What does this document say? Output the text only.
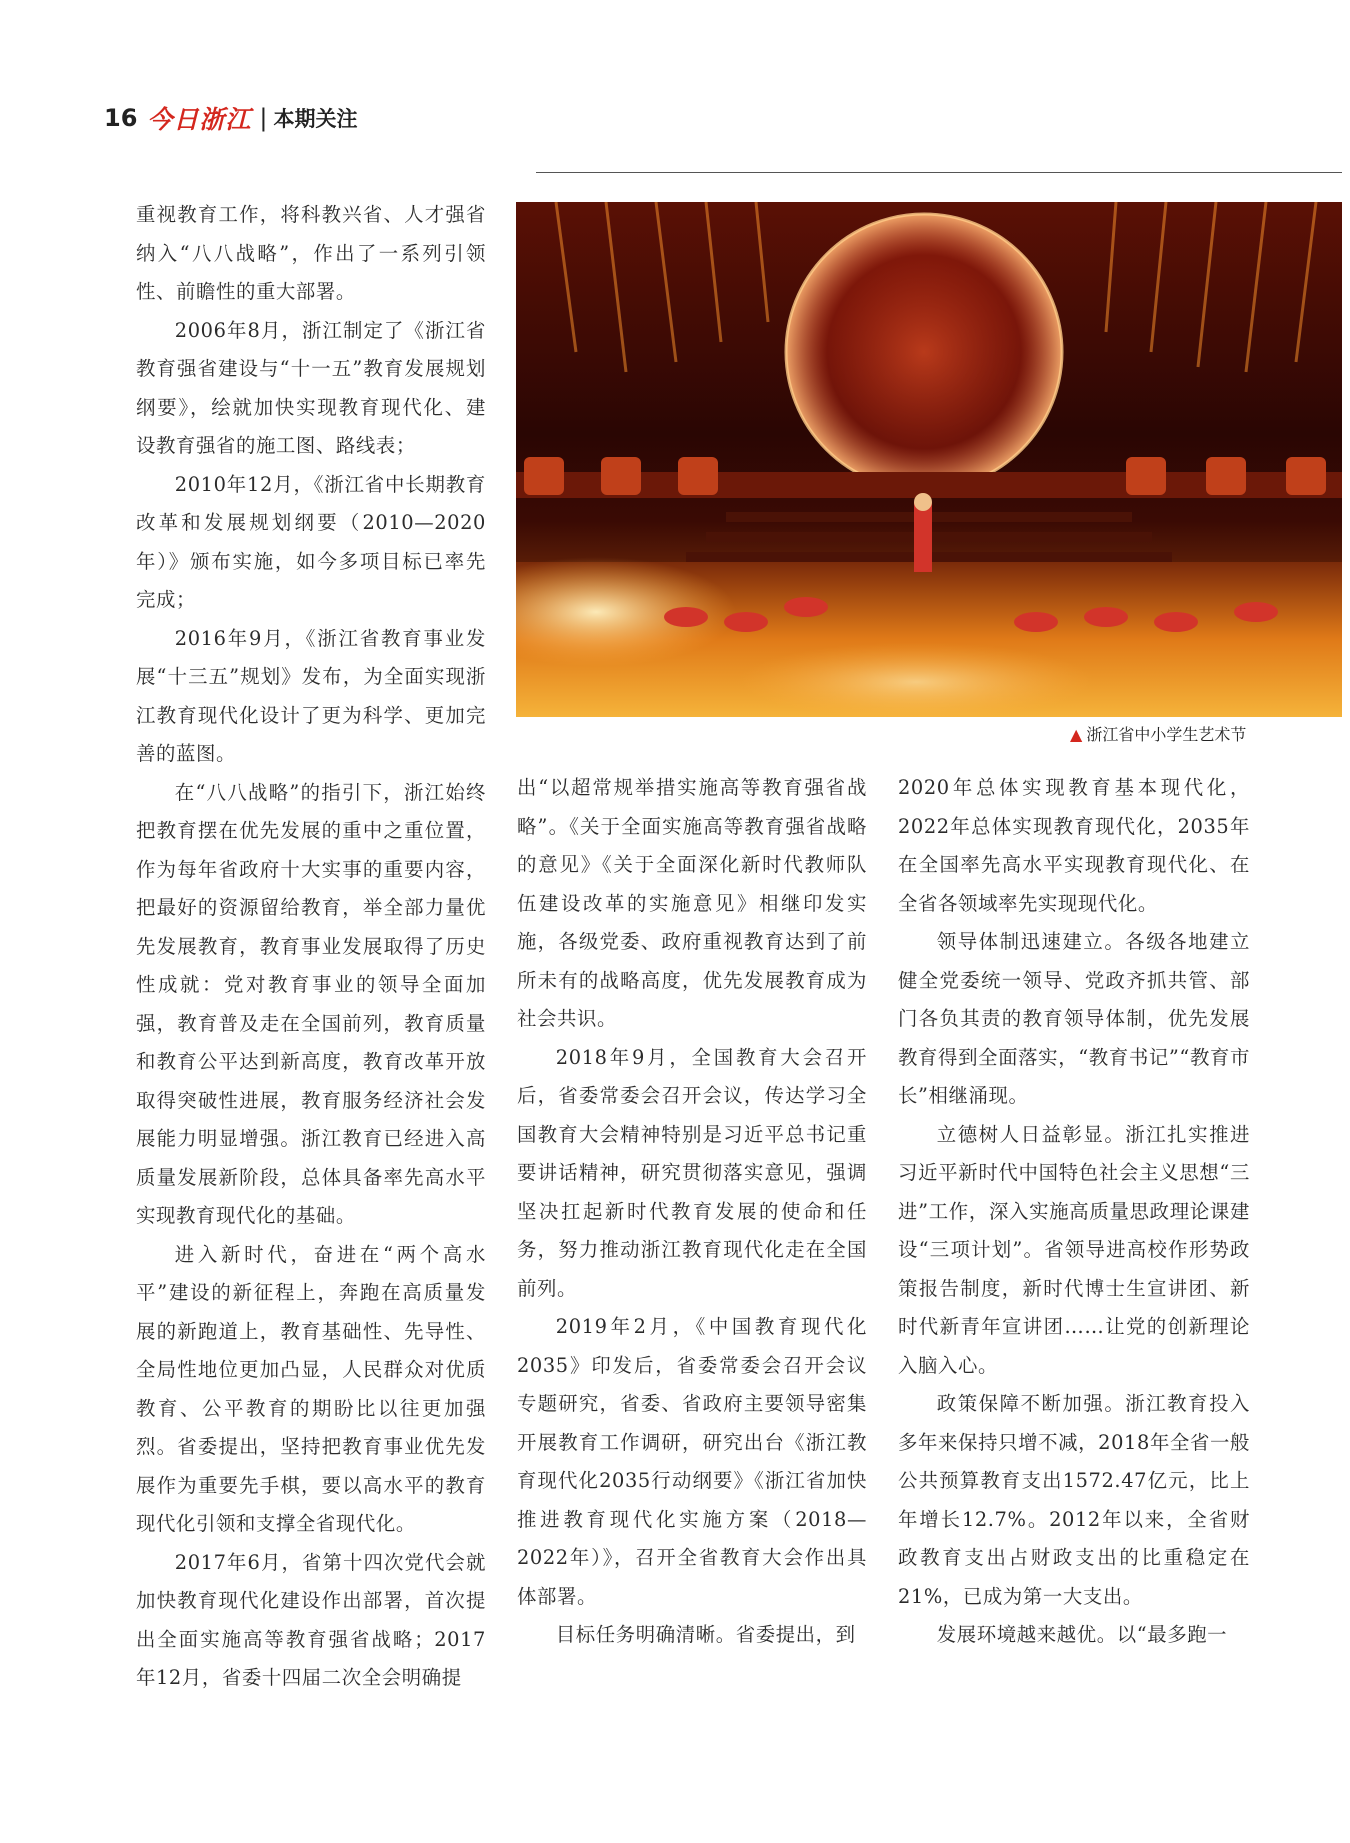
16 今日浙江 | 本期关注
▲ 浙江省中小学生艺术节

重视教育工作，将科教兴省、人才强省纳入“八八战略”，作出了一系列引领性、前瞻性的重大部署。

2006年8月，浙江制定了《浙江省教育强省建设与“十一五”教育发展规划纲要》，绘就加快实现教育现代化、建设教育强省的施工图、路线表；

2010年12月，《浙江省中长期教育改革和发展规划纲要（2010—2020年）》颁布实施，如今多项目标已率先完成；

2016年9月，《浙江省教育事业发展“十三五”规划》发布，为全面实现浙江教育现代化设计了更为科学、更加完善的蓝图。

在“八八战略”的指引下，浙江始终把教育摆在优先发展的重中之重位置，作为每年省政府十大实事的重要内容，把最好的资源留给教育，举全部力量优先发展教育，教育事业发展取得了历史性成就：党对教育事业的领导全面加强，教育普及走在全国前列，教育质量和教育公平达到新高度，教育改革开放取得突破性进展，教育服务经济社会发展能力明显增强。浙江教育已经进入高质量发展新阶段，总体具备率先高水平实现教育现代化的基础。

进入新时代，奋进在“两个高水平”建设的新征程上，奔跑在高质量发展的新跑道上，教育基础性、先导性、全局性地位更加凸显，人民群众对优质教育、公平教育的期盼比以往更加强烈。省委提出，坚持把教育事业优先发展作为重要先手棋，要以高水平的教育现代化引领和支撑全省现代化。

2017年6月，省第十四次党代会就加快教育现代化建设作出部署，首次提出全面实施高等教育强省战略；2017年12月，省委十四届二次全会明确提

出“以超常规举措实施高等教育强省战略”。《关于全面实施高等教育强省战略的意见》《关于全面深化新时代教师队伍建设改革的实施意见》相继印发实施，各级党委、政府重视教育达到了前所未有的战略高度，优先发展教育成为社会共识。

2018年9月，全国教育大会召开后，省委常委会召开会议，传达学习全国教育大会精神特别是习近平总书记重要讲话精神，研究贯彻落实意见，强调坚决扛起新时代教育发展的使命和任务，努力推动浙江教育现代化走在全国前列。

2019年2月，《中国教育现代化2035》印发后，省委常委会召开会议专题研究，省委、省政府主要领导密集开展教育工作调研，研究出台《浙江教育现代化2035行动纲要》《浙江省加快推进教育现代化实施方案（2018—2022年）》，召开全省教育大会作出具体部署。

目标任务明确清晰。省委提出，到

2020年总体实现教育基本现代化，2022年总体实现教育现代化，2035年在全国率先高水平实现教育现代化、在全省各领域率先实现现代化。

领导体制迅速建立。各级各地建立健全党委统一领导、党政齐抓共管、部门各负其责的教育领导体制，优先发展教育得到全面落实，“教育书记”“教育市长”相继涌现。

立德树人日益彰显。浙江扎实推进习近平新时代中国特色社会主义思想“三进”工作，深入实施高质量思政理论课建设“三项计划”。省领导进高校作形势政策报告制度，新时代博士生宣讲团、新时代新青年宣讲团……让党的创新理论入脑入心。

政策保障不断加强。浙江教育投入多年来保持只增不减，2018年全省一般公共预算教育支出1572.47亿元，比上年增长12.7%。2012年以来，全省财政教育支出占财政支出的比重稳定在21%，已成为第一大支出。

发展环境越来越优。以“最多跑一
